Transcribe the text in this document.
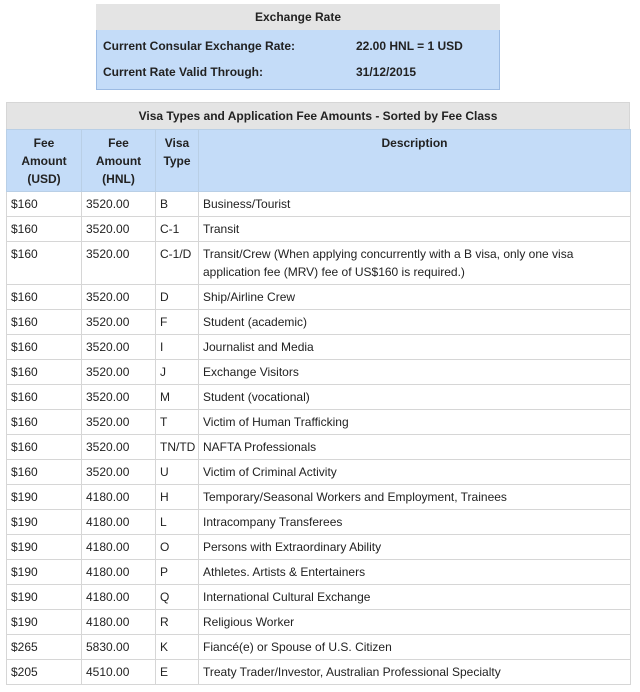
Exchange Rate
Current Consular Exchange Rate:	22.00 HNL = 1 USD
Current Rate Valid Through:	31/12/2015
Visa Types and Application Fee Amounts - Sorted by Fee Class
Fee
Amount
(USD)	Fee
Amount
(HNL)	Visa
Type	Description
$160	3520.00	B	Business/Tourist
$160	3520.00	C-1	Transit
$160	3520.00	C-1/D	Transit/Crew (When applying concurrently with a B visa, only one visa application fee (MRV) fee of US$160 is required.)
$160	3520.00	D	Ship/Airline Crew
$160	3520.00	F	Student (academic)
$160	3520.00	I	Journalist and Media
$160	3520.00	J	Exchange Visitors
$160	3520.00	M	Student (vocational)
$160	3520.00	T	Victim of Human Trafficking
$160	3520.00	TN/TD	NAFTA Professionals
$160	3520.00	U	Victim of Criminal Activity
$190	4180.00	H	Temporary/Seasonal Workers and Employment, Trainees
$190	4180.00	L	Intracompany Transferees
$190	4180.00	O	Persons with Extraordinary Ability
$190	4180.00	P	Athletes. Artists & Entertainers
$190	4180.00	Q	International Cultural Exchange
$190	4180.00	R	Religious Worker
$265	5830.00	K	Fiancé(e) or Spouse of U.S. Citizen
$205	4510.00	E	Treaty Trader/Investor, Australian Professional Specialty
